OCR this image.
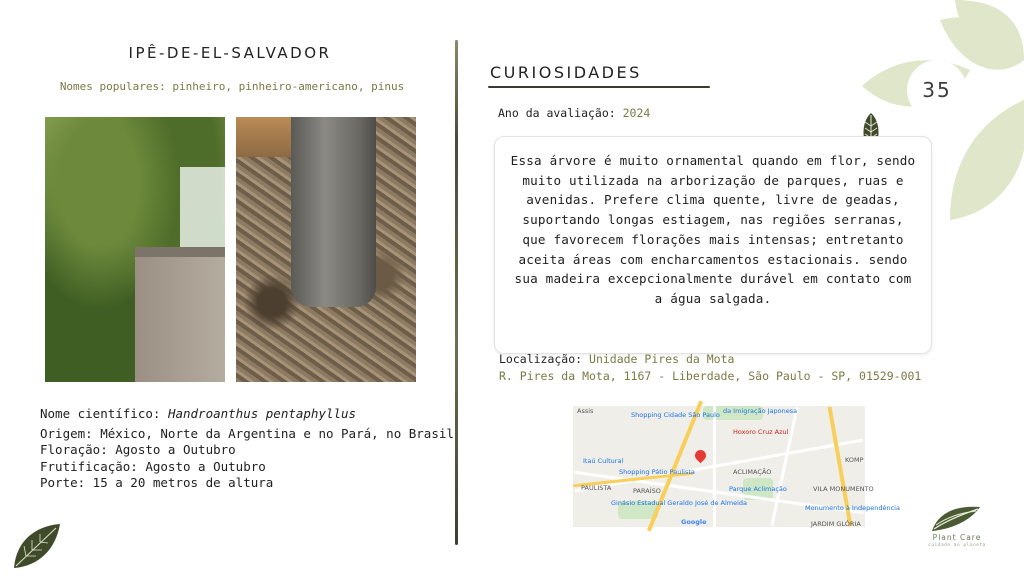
35
IPÊ-DE-EL-SALVADOR
Nomes populares: pinheiro, pinheiro-americano, pinus
Nome científico: Handroanthus pentaphyllus
Origem: México, Norte da Argentina e no Pará, no Brasil
Floração: Agosto a Outubro
Frutificação: Agosto a Outubro
Porte: 15 a 20 metros de altura
CURIOSIDADES
Ano da avaliação: 2024

Essa árvore é muito ornamental quando em flor, sendo muito utilizada na arborização de parques, ruas e avenidas. Prefere clima quente, livre de geadas, suportando longas estiagem, nas regiões serranas, que favorecem florações mais intensas; entretanto aceita áreas com encharcamentos estacionais. sendo sua madeira excepcionalmente durável em contato com a água salgada.

Localização: Unidade Pires da Mota
R. Pires da Mota, 1167 - Liberdade, São Paulo - SP, 01529-001
Assis	Shopping Cidade São Paulo da Imigração Japonesa
Hoxoro Cruz Azul
Itaú Cultural
Shopping Pátio Paulista	ACLIMAÇÃO
KOMP
PAULISTA	PARAÍSO	Parque Aclimação	VILA MONUMENTO
Ginásio Estadual Geraldo José de Almeida
Monumento à Independência
JARDIM GLÓRIA
Google
Plant Care
cuidado ao planeta
